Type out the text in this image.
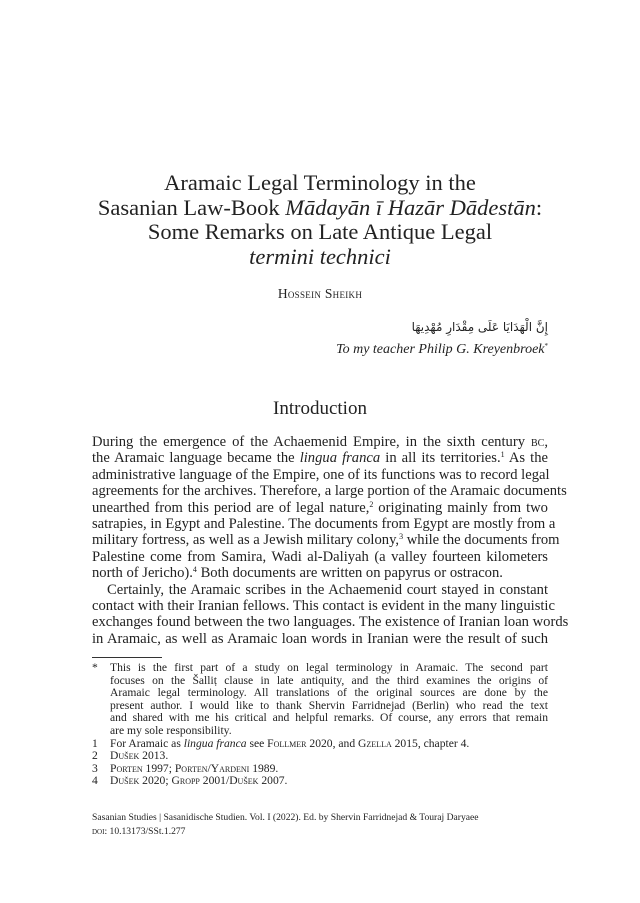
Aramaic Legal Terminology in the
Sasanian Law-Book Mādayān ī Hazār Dādestān:
Some Remarks on Late Antique Legal
termini technici
Hossein Sheikh
إِنَّ الْهَدَايَا عَلَى مِقْدَارِ مُهْدِيهَا
To my teacher Philip G. Kreyenbroek*
Introduction
During the emergence of the Achaemenid Empire, in the sixth century bc,
the Aramaic language became the lingua franca in all its territories.$^1$ As the
administrative language of the Empire, one of its functions was to record legal
agreements for the archives. Therefore, a large portion of the Aramaic documents
unearthed from this period are of legal nature,$^2$ originating mainly from two
satrapies, in Egypt and Palestine. The documents from Egypt are mostly from a
military fortress, as well as a Jewish military colony,$^3$ while the documents from
Palestine come from Samira, Wadi al-Daliyah (a valley fourteen kilometers
north of Jericho).$^4$ Both documents are written on papyrus or ostracon.
Certainly, the Aramaic scribes in the Achaemenid court stayed in constant
contact with their Iranian fellows. This contact is evident in the many linguistic
exchanges found between the two languages. The existence of Iranian loan words
in Aramaic, as well as Aramaic loan words in Iranian were the result of such
*	This is the first part of a study on legal terminology in Aramaic. The second part
focuses on the Šalliṭ clause in late antiquity, and the third examines the origins of
Aramaic legal terminology. All translations of the original sources are done by the
present author. I would like to thank Shervin Farridnejad (Berlin) who read the text
and shared with me his critical and helpful remarks. Of course, any errors that remain
are my sole responsibility.
1	For Aramaic as lingua franca see Follmer 2020, and Gzella 2015, chapter 4.
2	Dušek 2013.
3	Porten 1997; Porten/Yardeni 1989.
4	Dušek 2020; Gropp 2001/Dušek 2007.
Sasanian Studies | Sasanidische Studien. Vol. I (2022). Ed. by Shervin Farridnejad & Touraj Daryaee
doi: 10.13173/SSt.1.277
